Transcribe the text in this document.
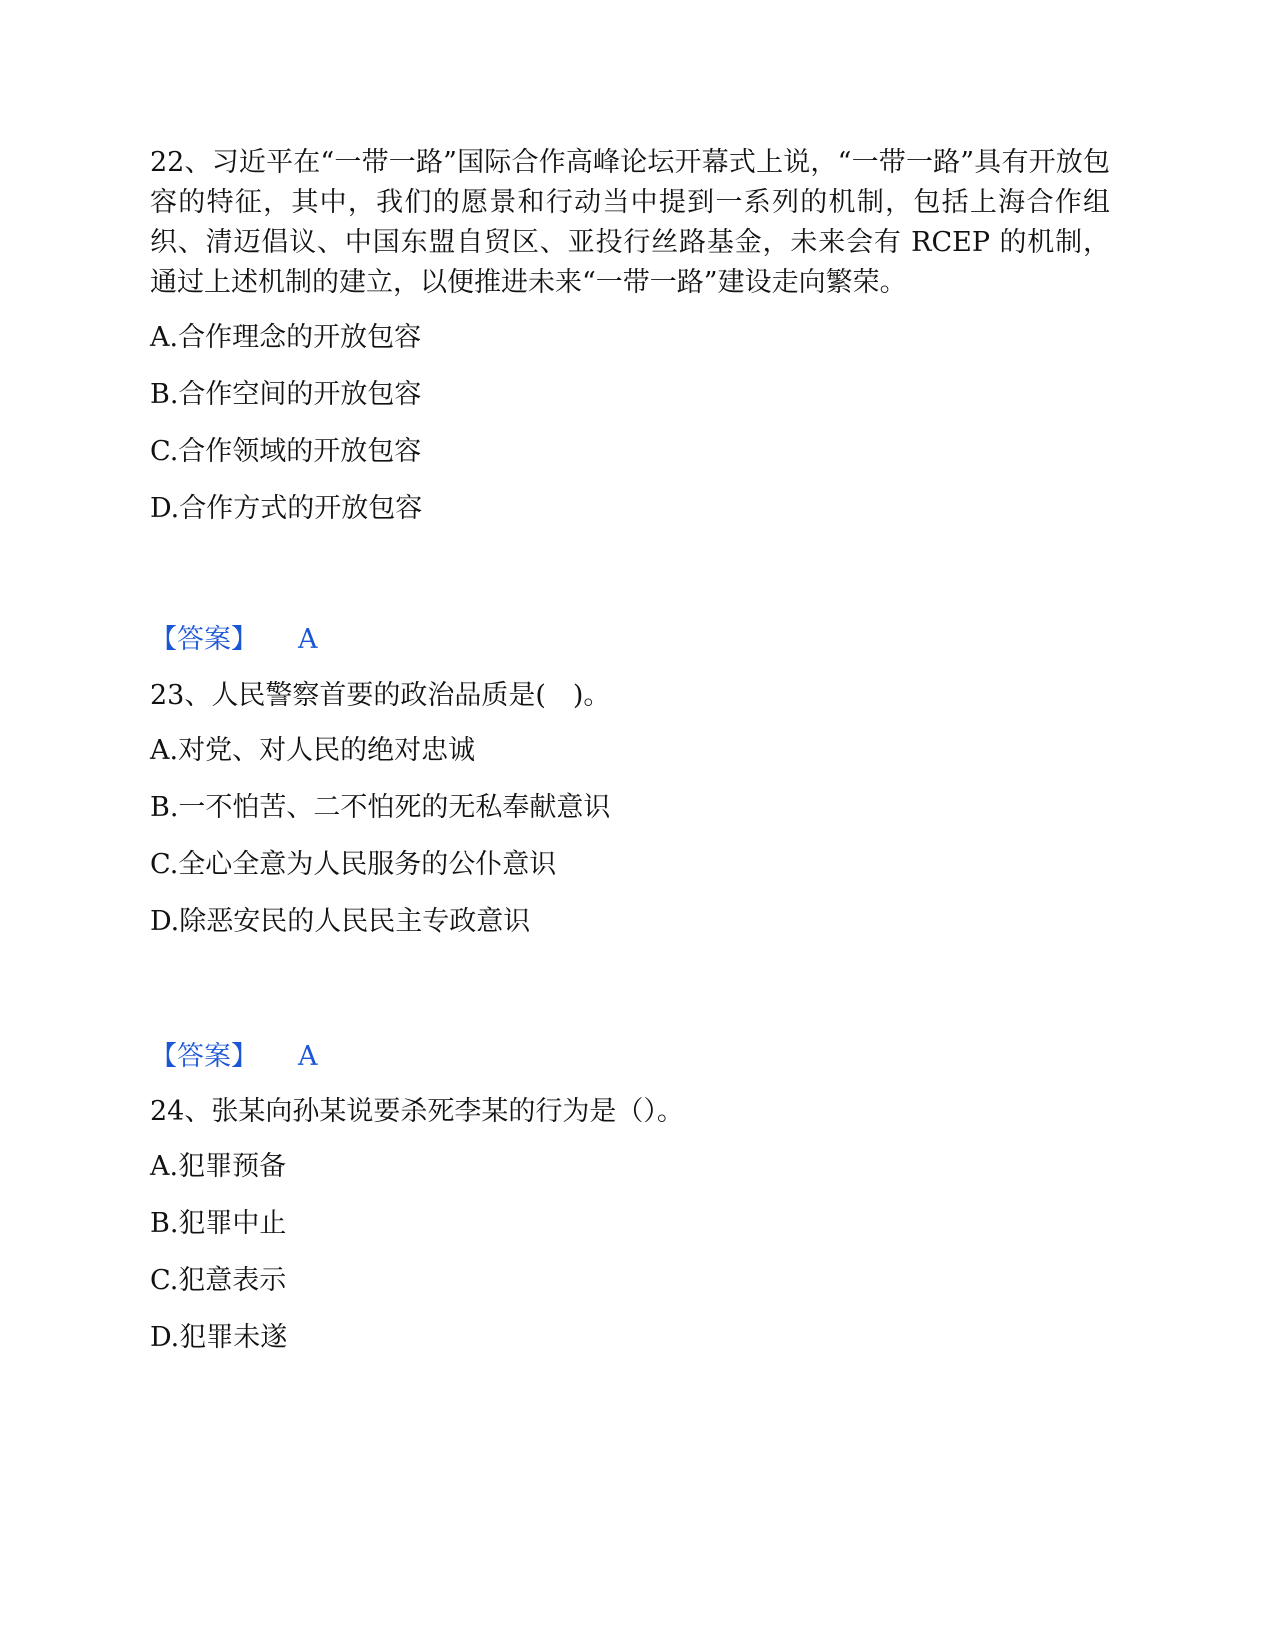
22、习近平在“一带一路”国际合作高峰论坛开幕式上说，“一带一路”具有开放包容的特征，其中，我们的愿景和行动当中提到一系列的机制，包括上海合作组织、清迈倡议、中国东盟自贸区、亚投行丝路基金，未来会有 RCEP 的机制，通过上述机制的建立，以便推进未来“一带一路”建设走向繁荣。

A.合作理念的开放包容

B.合作空间的开放包容

C.合作领域的开放包容

D.合作方式的开放包容

【答案】 A

23、人民警察首要的政治品质是(　)。

A.对党、对人民的绝对忠诚

B.一不怕苦、二不怕死的无私奉献意识

C.全心全意为人民服务的公仆意识

D.除恶安民的人民民主专政意识

【答案】 A

24、张某向孙某说要杀死李某的行为是（）。

A.犯罪预备

B.犯罪中止

C.犯意表示

D.犯罪未遂
